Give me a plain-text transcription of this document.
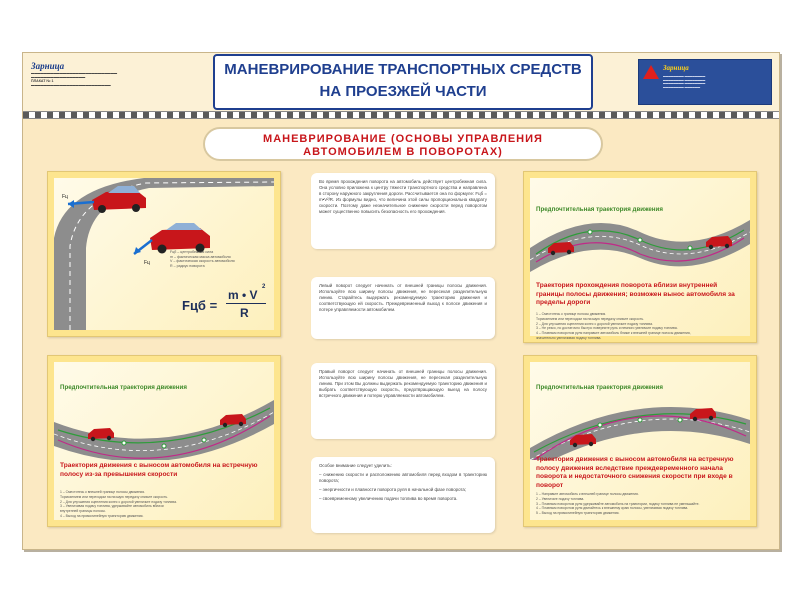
Зарница
▬▬▬▬▬▬▬▬▬▬▬▬▬▬▬▬▬▬▬▬▬▬▬▬▬▬▬
▬▬▬▬▬▬▬▬▬▬▬▬▬▬▬▬▬
ПЛАКАТ № 1
▬▬▬▬▬▬▬▬▬▬▬▬▬▬▬▬▬▬▬▬▬▬▬▬▬
МАНЕВРИРОВАНИЕ ТРАНСПОРТНЫХ СРЕДСТВ
НА ПРОЕЗЖЕЙ ЧАСТИ
Зарница
▬▬▬▬▬▬▬▬ ▬▬▬▬▬▬▬▬
▬▬▬▬▬▬▬▬ ▬▬▬▬▬▬▬▬
▬▬▬▬▬▬▬▬ ▬▬▬▬▬▬▬▬
▬▬▬▬▬▬▬▬ ▬▬▬▬▬▬
МАНЕВРИРОВАНИЕ (ОСНОВЫ УПРАВЛЕНИЯ
АВТОМОБИЛЕМ В ПОВОРОТАХ)
Fц
Fц
Fцб – центробежная сила
m – фактическая масса автомобиля
V – фактическая скорость автомобиля
R – радиус поворота
Fцб =
m • V
2
R

Во время прохождения поворота на автомобиль действует центробежная сила. Она условно приложена к центру тяжести транспортного средства и направлена в сторону наружного закругления дороги. Рассчитывается она по формуле: Fцб = m•V²/R. Из формулы видно, что величина этой силы пропорциональна квадрату скорости. Поэтому даже незначительное снижение скорости перед поворотом может существенно повысить безопасность его прохождения.

Левый поворот следует начинать от внешней границы полосы движения. Используйте всю ширину полосы движения, не пересекая разделительную линию. Старайтесь выдержать рекомендуемую траекторию движения и соответствующую ей скорость. Преждевременный выход к полосе движения и потере управляемости автомобилем.

Правый поворот следует начинать от внешней границы полосы движения. Используйте всю ширину полосы движения, не пересекая разделительную линию. При этом Вы должны выдержать рекомендуемую траекторию движения и выбрать соответствующую скорость, предотвращающую выезд на полосу встречного движения и потерю управляемости автомобилем.

Особое внимание следует уделить:

– снижению скорости и расположению автомобиля перед входом в траекторию поворота;

– энергичности и плавности поворота руля в начальной фазе поворота;

– своевременному увеличению подачи топлива во время поворота.

Предпочтительная траектория движения
Траектория прохождения поворота вблизи внутренней границы полосы движения; возможен вынос автомобиля за пределы дороги
1 – Сместитесь к границе полосы движения.
Тормозением или переходом на низшую передачу снизьте скорость.
2 – Для улучшения сцепления колес с дорогой увеличьте подачу топлива.
3 – Не резко, но достаточно быстро поверните руль и немного увеличьте подачу топлива.
4 – Плавным поворотом руля направьте автомобиль ближе к внешней границе полосы движения,
значительно увеличивая подачу топлива.
Предпочтительная траектория движения
Траектория движения с выносом автомобиля на встречную полосу из-за превышения скорости
1 – Сместитесь к внешней границе полосы движения.
Тормозением или переходом на низшую передачу снизьте скорость.
2 – Для улучшения сцепления колес с дорогой увеличьте подачу топлива.
3 – Увеличивая подачу топлива, удерживайте автомобиль вблизи
внутренней границы полосы.
4 – Выход на прямолинейную траекторию движения.
Предпочтительная траектория движения
Траектория движения с выносом автомобиля на встречную полосу движения вследствие преждевременного начала поворота и недостаточного снижения скорости при входе в поворот
1 – Направьте автомобиль к внешней границе полосы движения.
2 – Увеличьте подачу топлива.
3 – Плавным поворотом руля удерживайте автомобиль на траектории, подачу топлива не уменьшайте.
4 – Плавным поворотом руля двигайтесь к внешнему краю полосы, увеличивая подачу топлива.
5 – Выход на прямолинейную траекторию движения.
